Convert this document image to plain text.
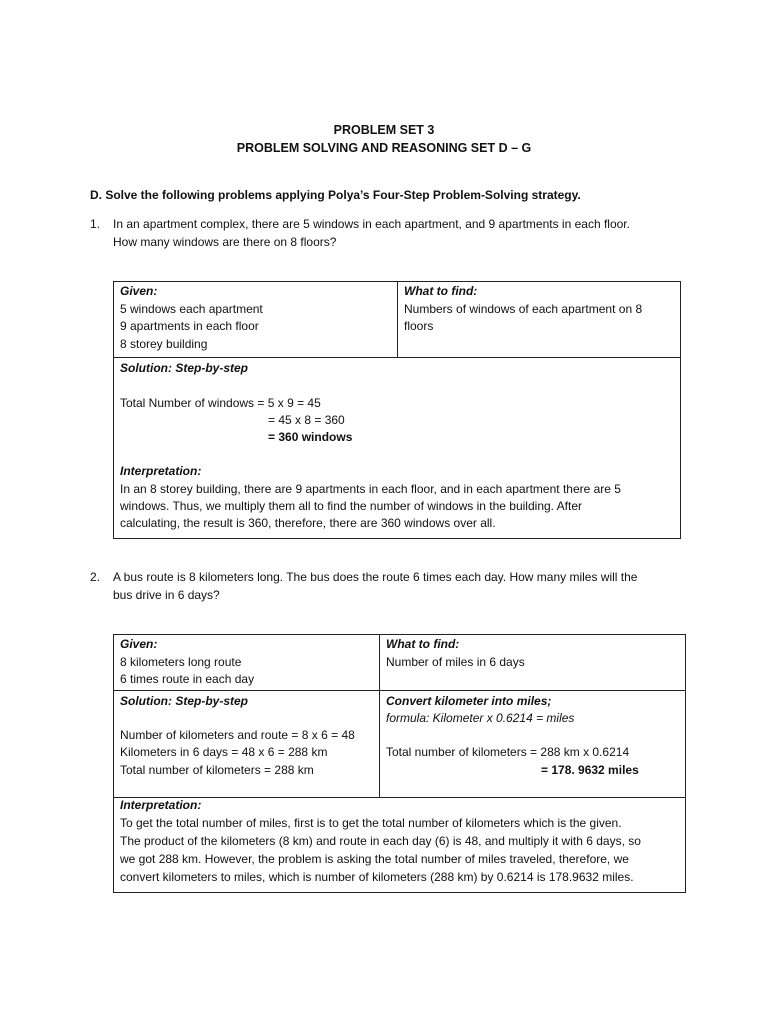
PROBLEM SET 3
PROBLEM SOLVING AND REASONING SET D – G
D. Solve the following problems applying Polya’s Four-Step Problem-Solving strategy.
1. In an apartment complex, there are 5 windows in each apartment, and 9 apartments in each floor.
How many windows are there on 8 floors?
Given:
5 windows each apartment
9 apartments in each floor
8 storey building
What to find:
Numbers of windows of each apartment on 8
floors
Solution: Step-by-step
Total Number of windows = 5 x 9 = 45
= 45 x 8 = 360
= 360 windows
Interpretation:
In an 8 storey building, there are 9 apartments in each floor, and in each apartment there are 5
windows. Thus, we multiply them all to find the number of windows in the building. After
calculating, the result is 360, therefore, there are 360 windows over all.
2. A bus route is 8 kilometers long. The bus does the route 6 times each day. How many miles will the
bus drive in 6 days?
Given:
8 kilometers long route
6 times route in each day
What to find:
Number of miles in 6 days
Solution: Step-by-step
Number of kilometers and route = 8 x 6 = 48
Kilometers in 6 days = 48 x 6 = 288 km
Total number of kilometers = 288 km
Convert kilometer into miles;
formula: Kilometer x 0.6214 = miles
Total number of kilometers = 288 km x 0.6214
= 178. 9632 miles
Interpretation:
To get the total number of miles, first is to get the total number of kilometers which is the given.
The product of the kilometers (8 km) and route in each day (6) is 48, and multiply it with 6 days, so
we got 288 km. However, the problem is asking the total number of miles traveled, therefore, we
convert kilometers to miles, which is number of kilometers (288 km) by 0.6214 is 178.9632 miles.
